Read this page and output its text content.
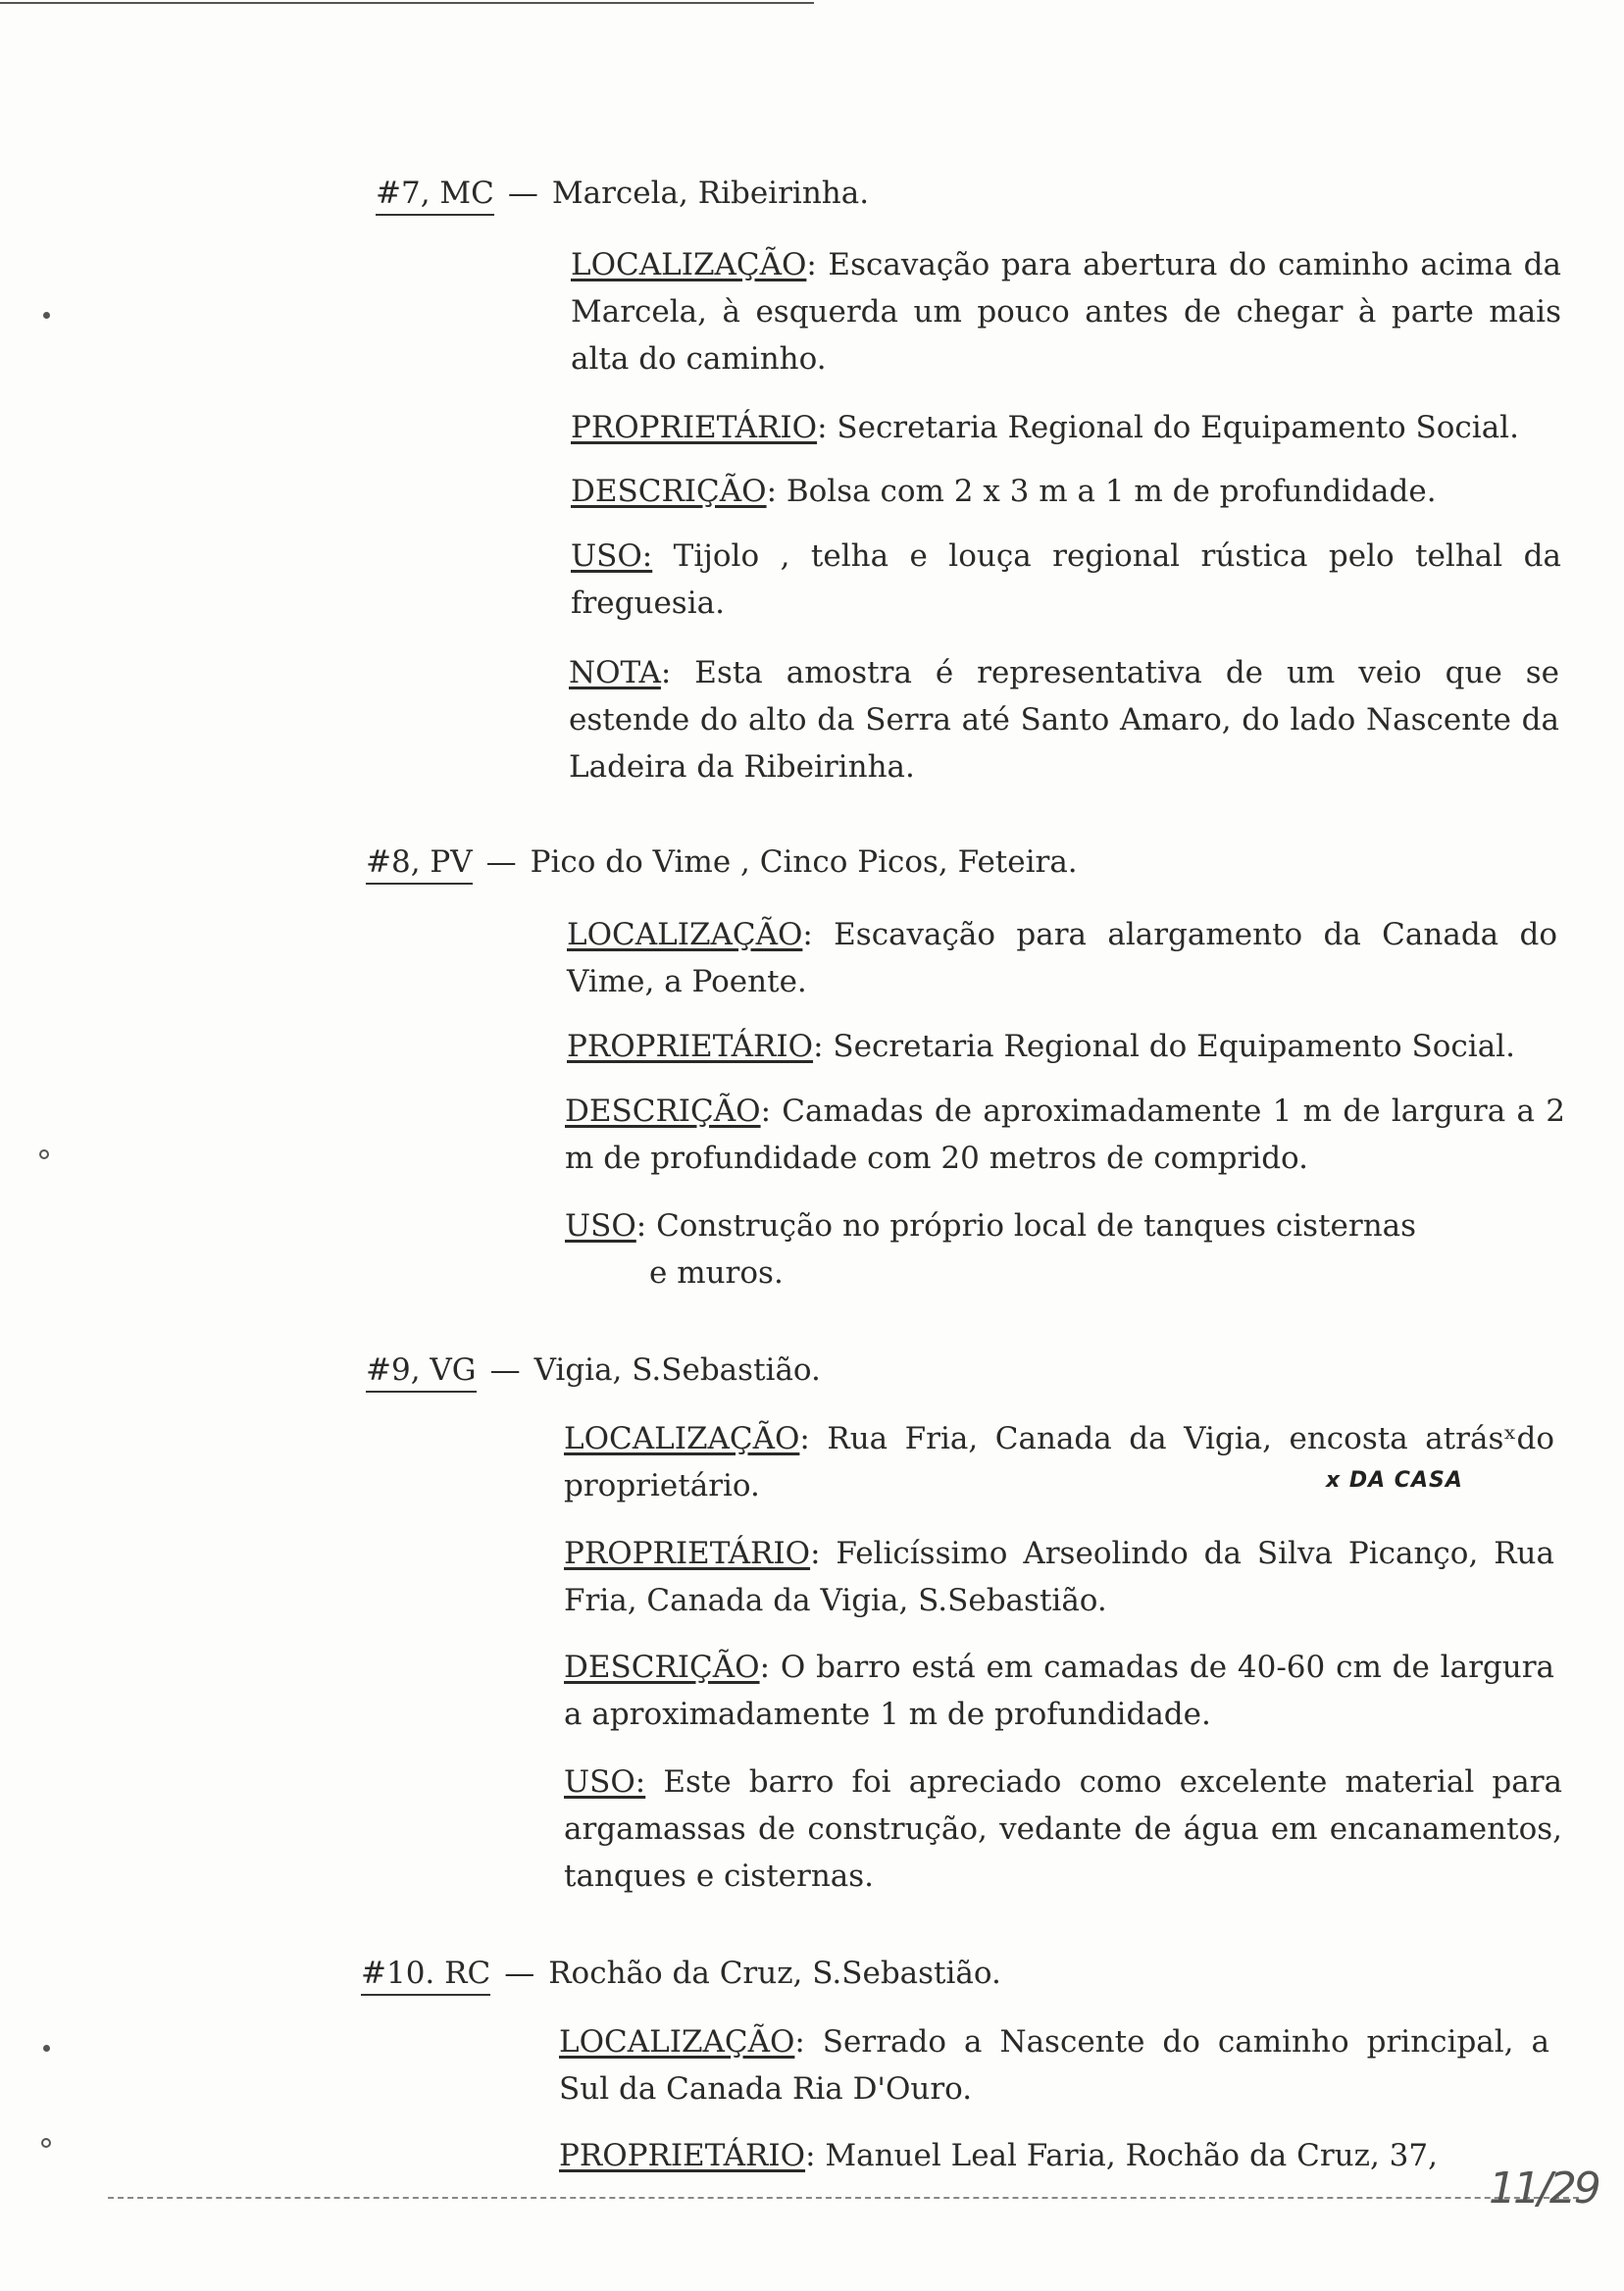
#7, MC — Marcela, Ribeirinha.
LOCALIZAÇÃO: Escavação para abertura do caminho acima da Marcela, à esquerda um pouco antes de chegar à parte mais alta do caminho.
PROPRIETÁRIO: Secretaria Regional do Equipamento Social.
DESCRIÇÃO: Bolsa com 2 x 3 m a 1 m de profundidade.
USO: Tijolo , telha e louça regional rústica pelo telhal da freguesia.
NOTA: Esta amostra é representativa de um veio que se estende do alto da Serra até Santo Amaro, do lado Nascente da Ladeira da Ribeirinha.
#8, PV — Pico do Vime , Cinco Picos, Feteira.
LOCALIZAÇÃO: Escavação para alargamento da Canada do Vime, a Poente.
PROPRIETÁRIO: Secretaria Regional do Equipamento Social.
DESCRIÇÃO: Camadas de aproximadamente 1 m de largura a 2 m de profundidade com 20 metros de comprido.
USO: Construção no próprio local de tanques cisternas
e muros.
#9, VG — Vigia, S.Sebastião.
LOCALIZAÇÃO: Rua Fria, Canada da Vigia, encosta atrásˣdo proprietário.	x DA CASA
PROPRIETÁRIO: Felicíssimo Arseolindo da Silva Picanço, Rua Fria, Canada da Vigia, S.Sebastião.
DESCRIÇÃO: O barro está em camadas de 40-60 cm de largura a aproximadamente 1 m de profundidade.
USO: Este barro foi apreciado como excelente material para argamassas de construção, vedante de água em encanamentos, tanques e cisternas.
#10. RC — Rochão da Cruz, S.Sebastião.
LOCALIZAÇÃO: Serrado a Nascente do caminho principal, a Sul da Canada Ria D'Ouro.
PROPRIETÁRIO: Manuel Leal Faria, Rochão da Cruz, 37,
11/29
